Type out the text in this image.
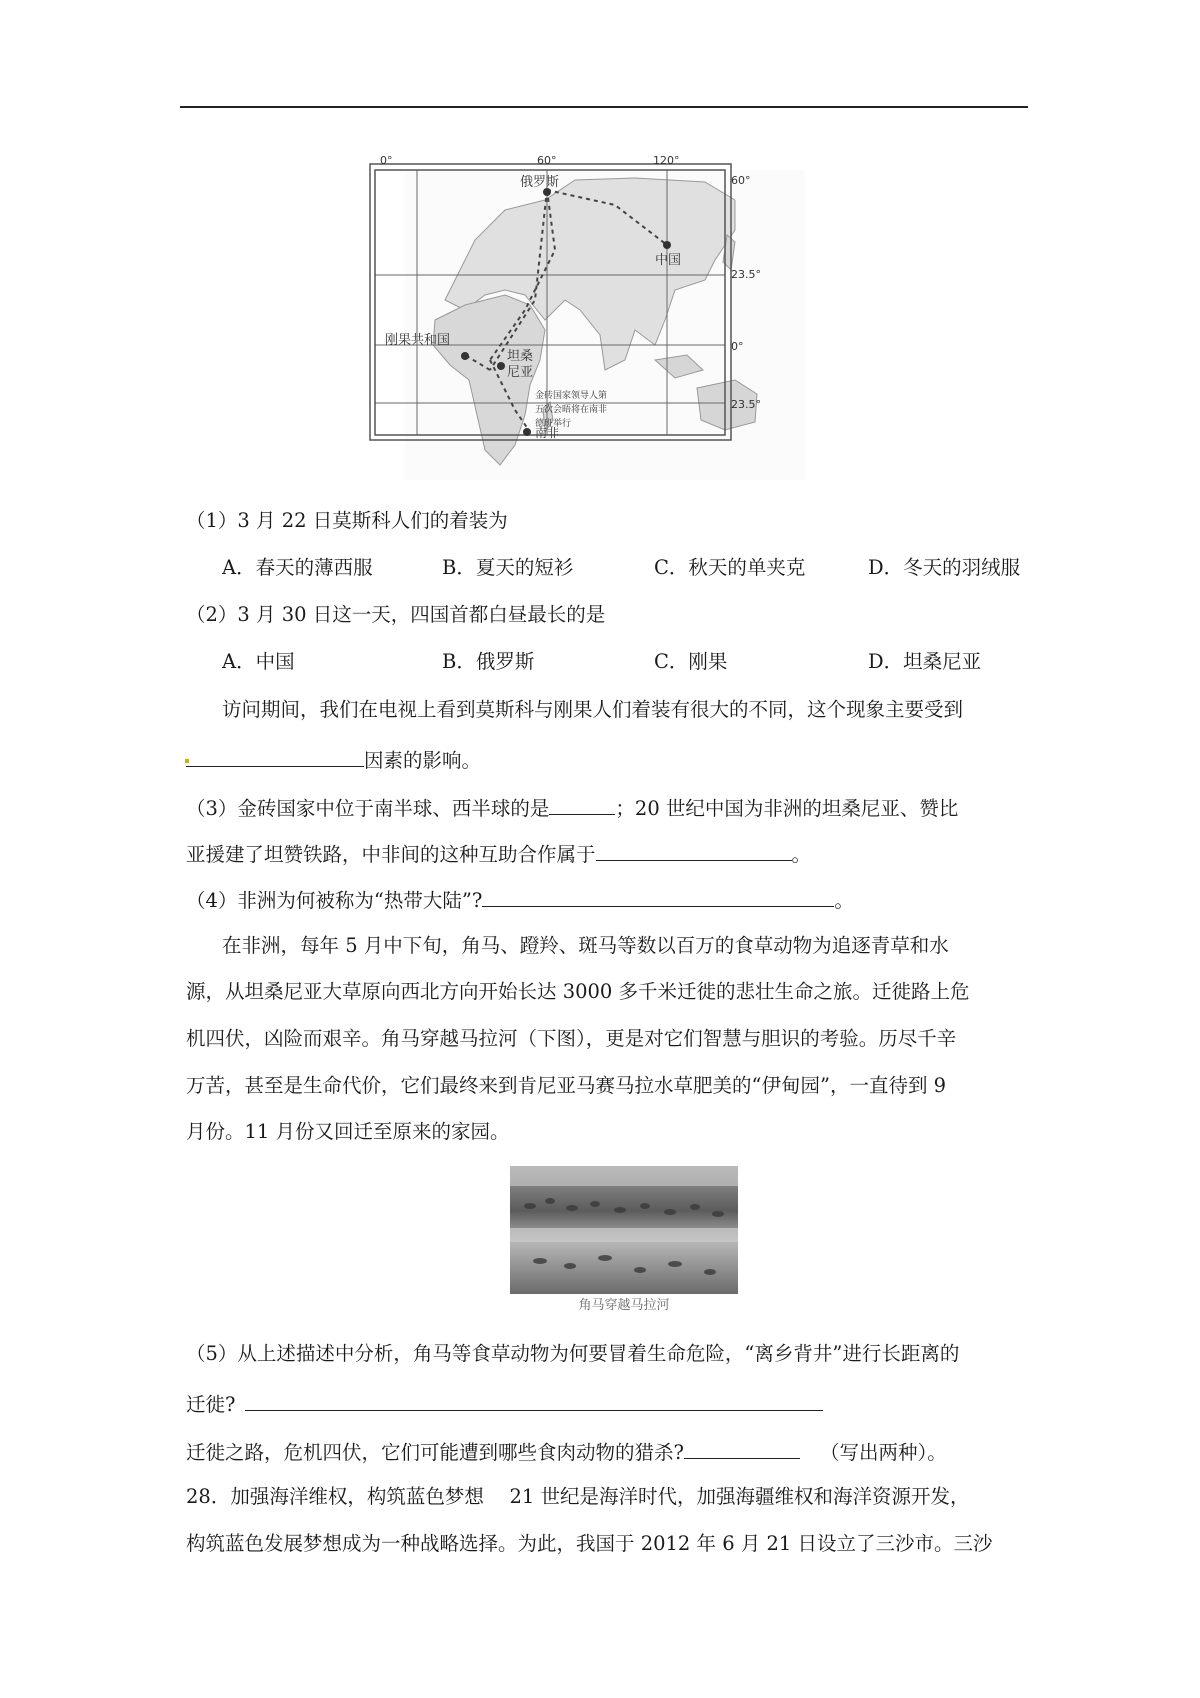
0°	60°	120°
60°
23.5°
0°
23.5°
俄罗斯
中国
刚果共和国
坦桑
尼亚
南非
金砖国家领导人第
五次会晤将在南非
德班举行
（1）3 月 22 日莫斯科人们的着装为
A．春天的薄西服	B．夏天的短衫	C．秋天的单夹克	D．冬天的羽绒服
（2）3 月 30 日这一天，四国首都白昼最长的是
A．中国	B．俄罗斯	C．刚果	D．坦桑尼亚
访问期间，我们在电视上看到莫斯科与刚果人们着装有很大的不同，这个现象主要受到
因素的影响。
（3）金砖国家中位于南半球、西半球的是	；20 世纪中国为非洲的坦桑尼亚、赞比
亚援建了坦赞铁路，中非间的这种互助合作属于	。
（4）非洲为何被称为“热带大陆”?	。
在非洲，每年 5 月中下旬，角马、蹬羚、斑马等数以百万的食草动物为追逐青草和水
源，从坦桑尼亚大草原向西北方向开始长达 3000 多千米迁徙的悲壮生命之旅。迁徙路上危
机四伏，凶险而艰辛。角马穿越马拉河（下图），更是对它们智慧与胆识的考验。历尽千辛
万苦，甚至是生命代价，它们最终来到肯尼亚马赛马拉水草肥美的“伊甸园”，一直待到 9
月份。11 月份又回迁至原来的家园。
角马穿越马拉河
（5）从上述描述中分析，角马等食草动物为何要冒着生命危险，“离乡背井”进行长距离的
迁徙?
迁徙之路，危机四伏，它们可能遭到哪些食肉动物的猎杀?	（写出两种）。
28．加强海洋维权，构筑蓝色梦想　 21 世纪是海洋时代，加强海疆维权和海洋资源开发，
构筑蓝色发展梦想成为一种战略选择。为此，我国于 2012 年 6 月 21 日设立了三沙市。三沙
